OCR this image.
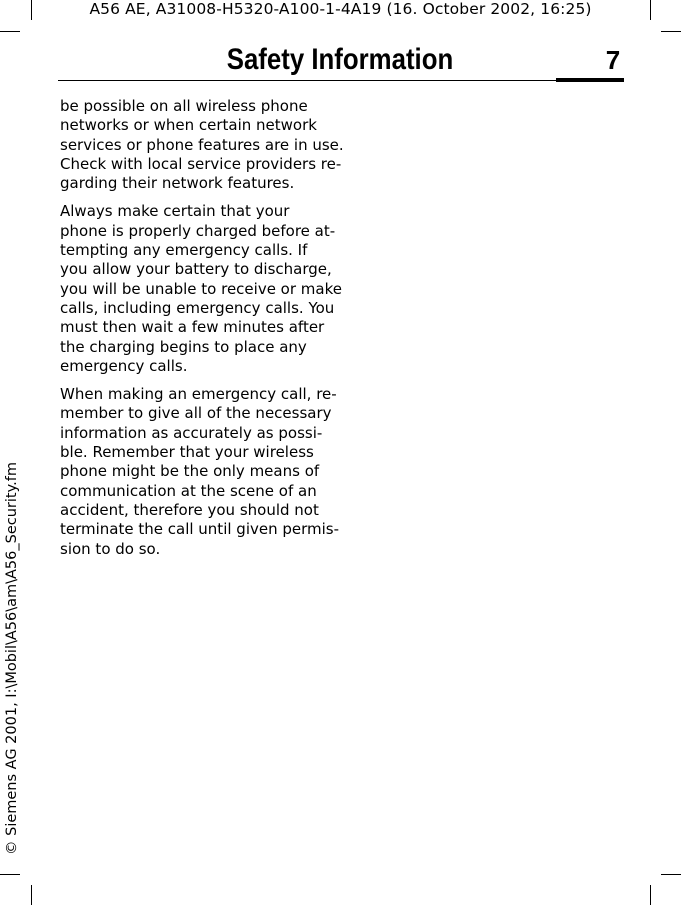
A56 AE, A31008-H5320-A100-1-4A19 (16. October 2002, 16:25)
Safety Information	7

be possible on all wireless phone
networks or when certain network
services or phone features are in use.
Check with local service providers re-
garding their network features.

Always make certain that your
phone is properly charged before at-
tempting any emergency calls. If
you allow your battery to discharge,
you will be unable to receive or make
calls, including emergency calls. You
must then wait a few minutes after
the charging begins to place any
emergency calls.

When making an emergency call, re-
member to give all of the necessary
information as accurately as possi-
ble. Remember that your wireless
phone might be the only means of
communication at the scene of an
accident, therefore you should not
terminate the call until given permis-
sion to do so.

© Siemens AG 2001, I:\Mobil\A56\am\A56_Security.fm
